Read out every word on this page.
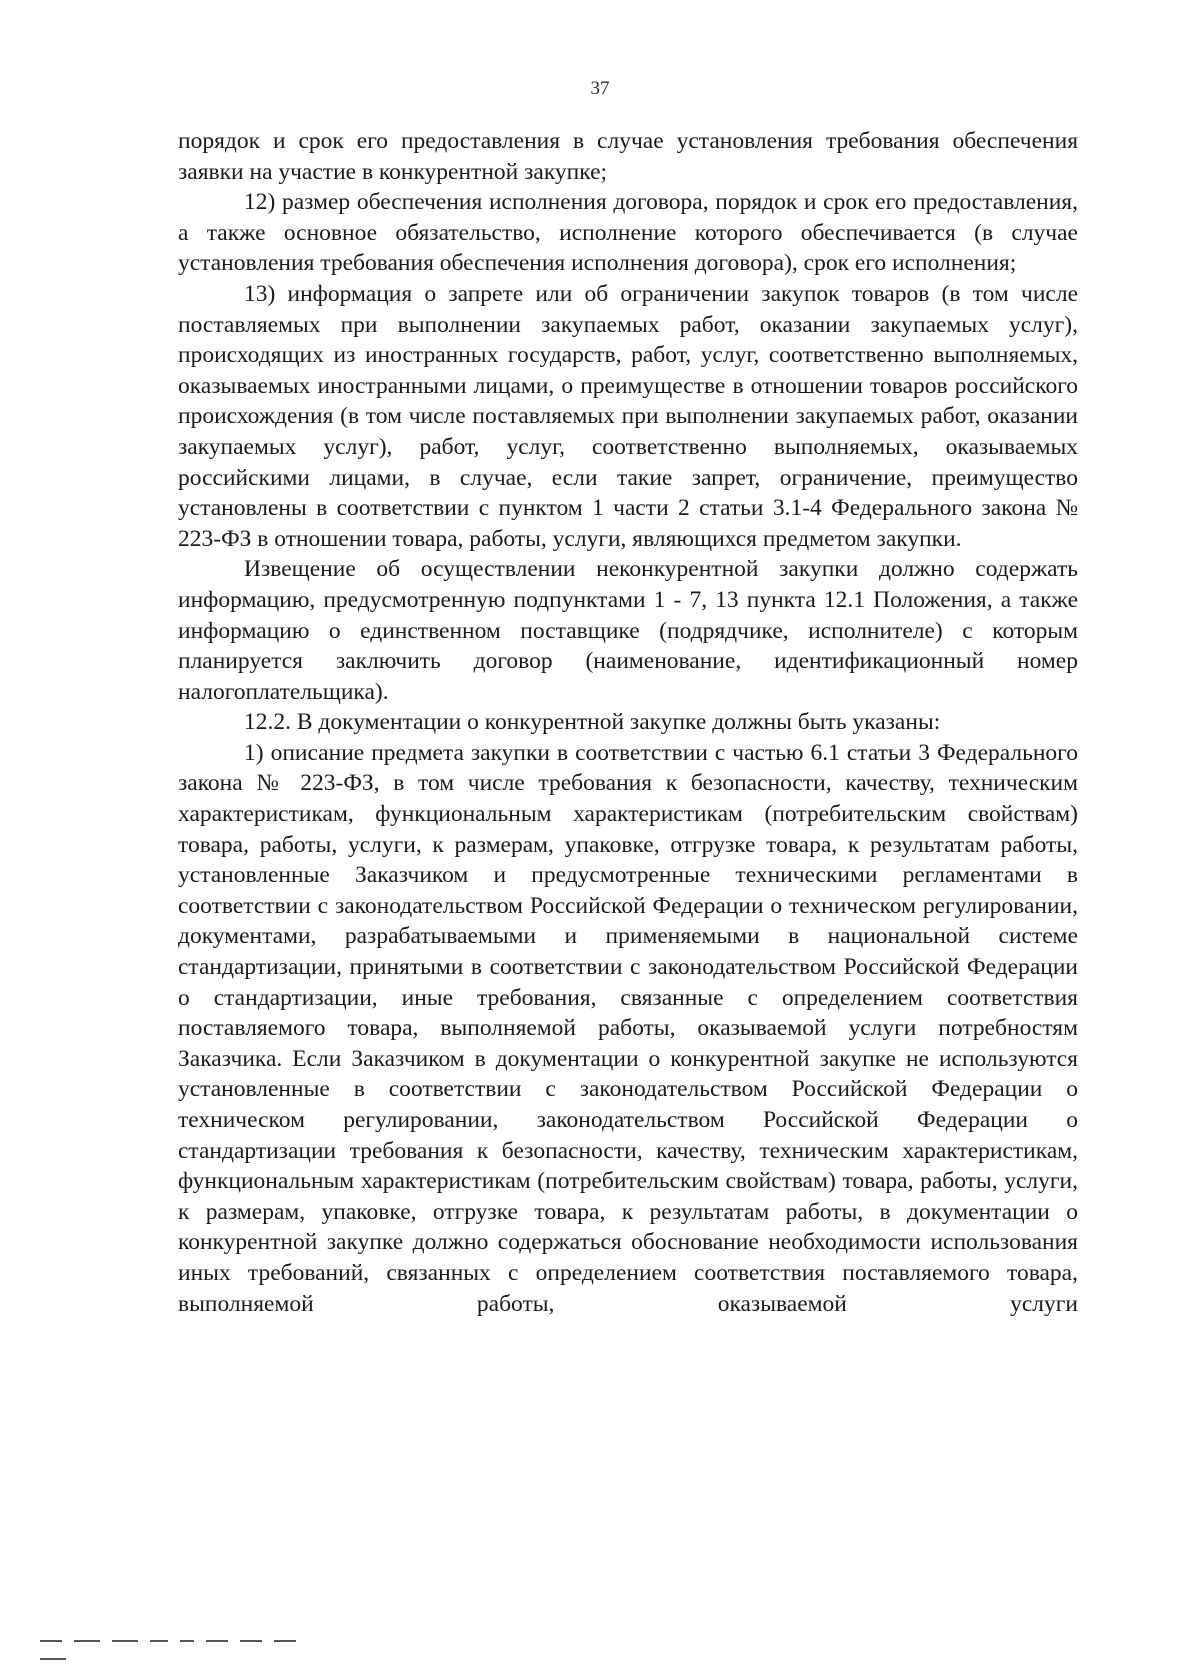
37

порядок и срок его предоставления в случае установления требования обеспечения заявки на участие в конкурентной закупке;

12) размер обеспечения исполнения договора, порядок и срок его предоставления, а также основное обязательство, исполнение которого обеспечивается (в случае установления требования обеспечения исполнения договора), срок его исполнения;

13) информация о запрете или об ограничении закупок товаров (в том числе поставляемых при выполнении закупаемых работ, оказании закупаемых услуг), происходящих из иностранных государств, работ, услуг, соответственно выполняемых, оказываемых иностранными лицами, о преимуществе в отношении товаров российского происхождения (в том числе поставляемых при выполнении закупаемых работ, оказании закупаемых услуг), работ, услуг, соответственно выполняемых, оказываемых российскими лицами, в случае, если такие запрет, ограничение, преимущество установлены в соответствии с пунктом 1 части 2 статьи 3.1-4 Федерального закона № 223-ФЗ в отношении товара, работы, услуги, являющихся предметом закупки.

Извещение об осуществлении неконкурентной закупки должно содержать информацию, предусмотренную подпунктами 1 - 7, 13 пункта 12.1 Положения, а также информацию о единственном поставщике (подрядчике, исполнителе) с которым планируется заключить договор (наименование, идентификационный номер налогоплательщика).

12.2. В документации о конкурентной закупке должны быть указаны:

1) описание предмета закупки в соответствии с частью 6.1 статьи 3 Федерального закона № 223-ФЗ, в том числе требования к безопасности, качеству, техническим характеристикам, функциональным характеристикам (потребительским свойствам) товара, работы, услуги, к размерам, упаковке, отгрузке товара, к результатам работы, установленные Заказчиком и предусмотренные техническими регламентами в соответствии с законодательством Российской Федерации о техническом регулировании, документами, разрабатываемыми и применяемыми в национальной системе стандартизации, принятыми в соответствии с законодательством Российской Федерации о стандартизации, иные требования, связанные с определением соответствия поставляемого товара, выполняемой работы, оказываемой услуги потребностям Заказчика. Если Заказчиком в документации о конкурентной закупке не используются установленные в соответствии с законодательством Российской Федерации о техническом регулировании, законодательством Российской Федерации о стандартизации требования к безопасности, качеству, техническим характеристикам, функциональным характеристикам (потребительским свойствам) товара, работы, услуги, к размерам, упаковке, отгрузке товара, к результатам работы, в документации о конкурентной закупке должно содержаться обоснование необходимости использования иных требований, связанных с определением соответствия поставляемого товара, выполняемой работы, оказываемой услуги
